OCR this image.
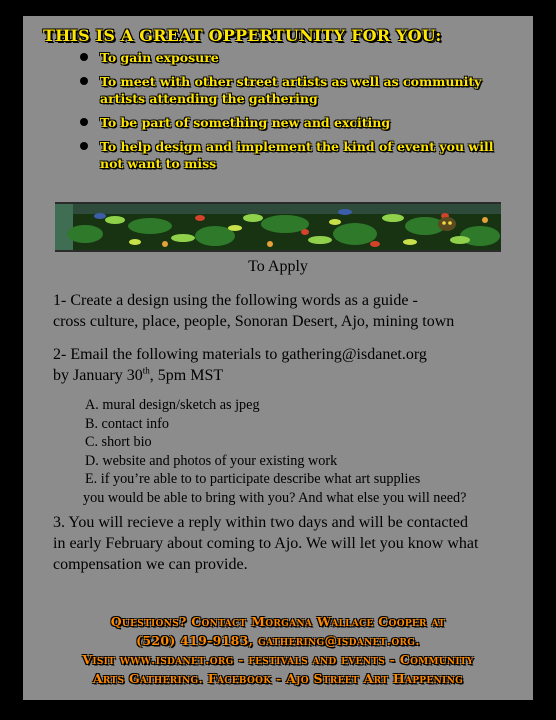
THIS IS A GREAT OPPERTUNITY FOR YOU:
To gain exposure
To meet with other street artists as well as community artists attending the gathering
To be part of something new and exciting
To help design and implement the kind of event you will not want to miss
To Apply

1- Create a design using the following words as a guide -

cross culture, place, people, Sonoran Desert, Ajo, mining town

2- Email the following materials to gathering@isdanet.org

by January 30th, 5pm MST

A. mural design/sketch as jpeg

B. contact info

C. short bio

D. website and photos of your existing work

E. if you’re able to to participate describe what art supplies

you would be able to bring with you? And what else you will need?

3. You will recieve a reply within two days and will be contacted

in early February about coming to Ajo. We will let you know what

compensation we can provide.

Questions? Contact Morgana Wallace Cooper at

(520) 419-9183, gathering@isdanet.org.

Visit www.isdanet.org - festivals and events - Community

Arts Gathering. Facebook - Ajo Street Art Happening
